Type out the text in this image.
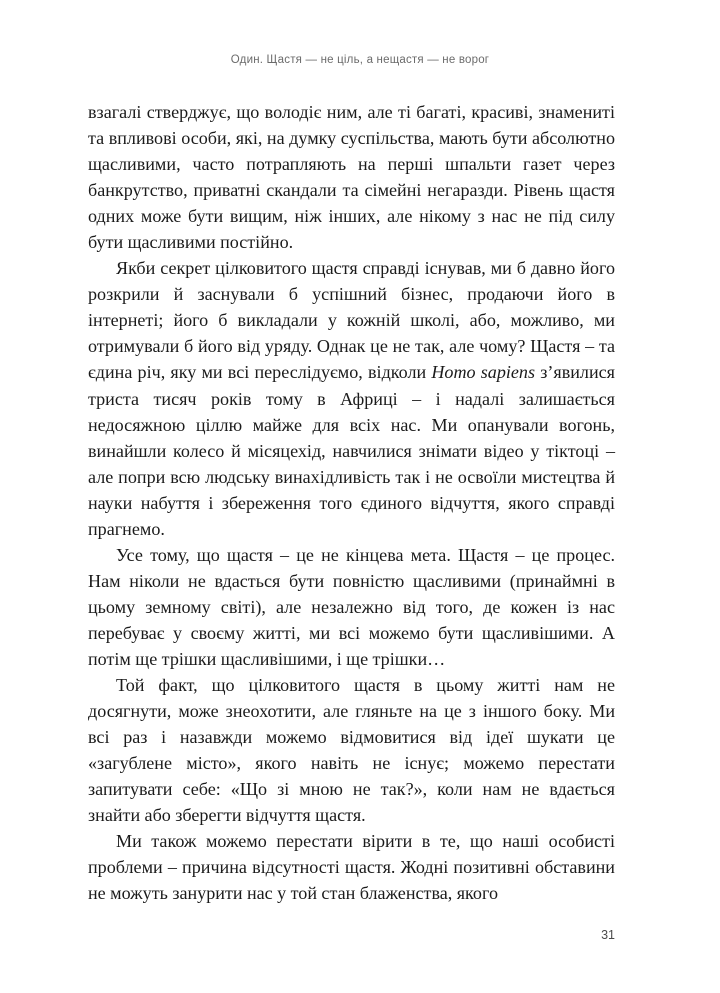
Один. Щастя — не ціль, а нещастя — не ворог

взагалі стверджує, що володіє ним, але ті багаті, красиві, знамениті та впливові особи, які, на думку суспільства, мають бути абсолютно щасливими, часто потрапляють на перші шпальти газет через банкрутство, приватні скандали та сімейні негаразди. Рівень щастя одних може бути вищим, ніж інших, але нікому з нас не під силу бути щасливими постійно.

Якби секрет цілковитого щастя справді існував, ми б давно його розкрили й заснували б успішний бізнес, продаючи його в інтернеті; його б викладали у кожній школі, або, можливо, ми отримували б його від уряду. Однак це не так, але чому? Щастя – та єдина річ, яку ми всі переслідуємо, відколи Homo sapiens з’явилися триста тисяч років тому в Африці – і надалі залишається недосяжною ціллю майже для всіх нас. Ми опанували вогонь, винайшли колесо й місяцехід, навчилися знімати відео у тіктоці – але попри всю людську винахідливість так і не освоїли мистецтва й науки набуття і збереження того єдиного відчуття, якого справді прагнемо.

Усе тому, що щастя – це не кінцева мета. Щастя – це процес. Нам ніколи не вдасться бути повністю щасливими (принаймні в цьому земному світі), але незалежно від того, де кожен із нас перебуває у своєму житті, ми всі можемо бути щасливішими. А потім ще трішки щасливішими, і ще трішки…

Той факт, що цілковитого щастя в цьому житті нам не досягнути, може знеохотити, але гляньте на це з іншого боку. Ми всі раз і назавжди можемо відмовитися від ідеї шукати це «загублене місто», якого навіть не існує; можемо перестати запитувати себе: «Що зі мною не так?», коли нам не вдається знайти або зберегти відчуття щастя.

Ми також можемо перестати вірити в те, що наші особисті проблеми – причина відсутності щастя. Жодні позитивні обставини не можуть занурити нас у той стан блаженства, якого

31
